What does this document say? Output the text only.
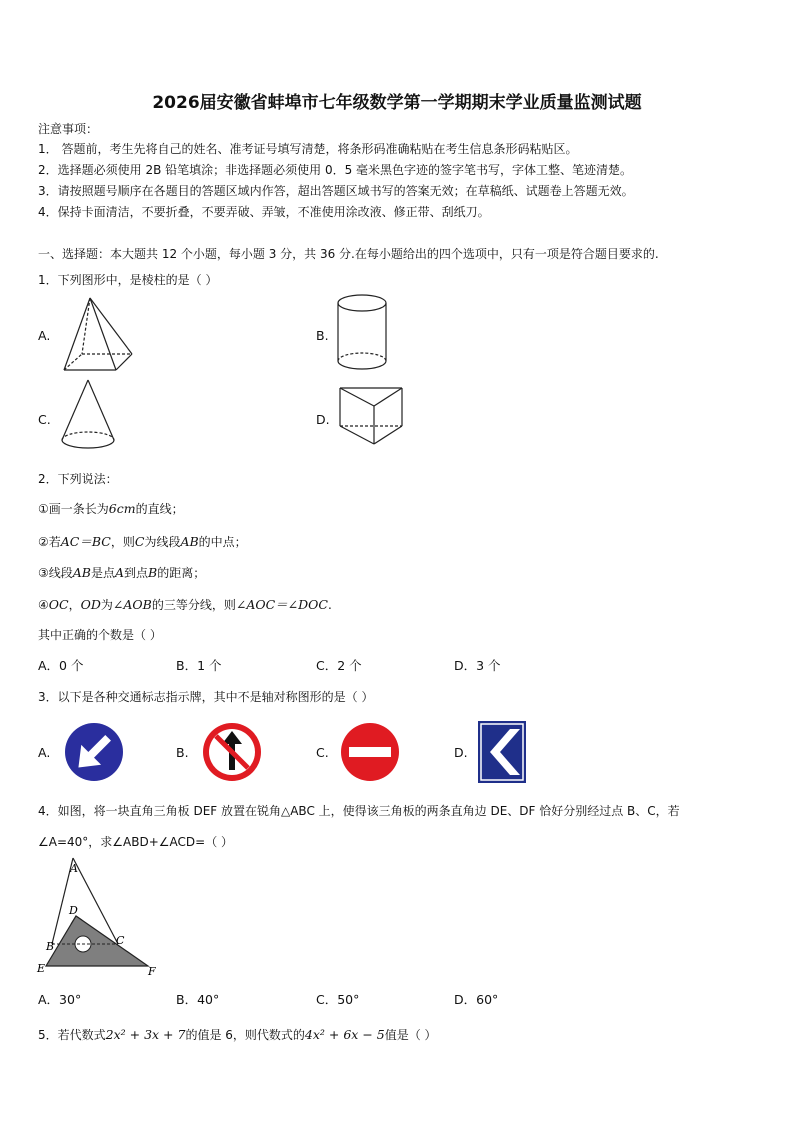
2026届安徽省蚌埠市七年级数学第一学期期末学业质量监测试题
注意事项：
1． 答题前，考生先将自己的姓名、准考证号填写清楚，将条形码准确粘贴在考生信息条形码粘贴区。
2．选择题必须使用 2B 铅笔填涂；非选择题必须使用 0．5 毫米黑色字迹的签字笔书写，字体工整、笔迹清楚。
3．请按照题号顺序在各题目的答题区域内作答，超出答题区域书写的答案无效；在草稿纸、试题卷上答题无效。
4．保持卡面清洁，不要折叠，不要弄破、弄皱，不准使用涂改液、修正带、刮纸刀。
一、选择题：本大题共 12 个小题，每小题 3 分，共 36 分.在每小题给出的四个选项中，只有一项是符合题目要求的.
1．下列图形中，是棱柱的是（ ）
A.	B.
C.	D.
2．下列说法：
①画一条长为6cm的直线；
②若AC＝BC，则C为线段AB的中点；
③线段AB是点A到点B的距离；
④OC，OD为∠AOB的三等分线，则∠AOC＝∠DOC.
其中正确的个数是（ ）
A．0 个	B．1 个	C．2 个	D．3 个
3．以下是各种交通标志指示牌，其中不是轴对称图形的是（ ）
A.	B.	C.	D.
4．如图，将一块直角三角板 DEF 放置在锐角△ABC 上，使得该三角板的两条直角边 DE、DF 恰好分别经过点 B、C，若
∠A=40°，求∠ABD+∠ACD=（ ）
A
D
B	C
E	F
A．30°	B．40°	C．50°	D．60°
5．若代数式2x² + 3x + 7的值是 6，则代数式的4x² + 6x − 5值是（ ）
